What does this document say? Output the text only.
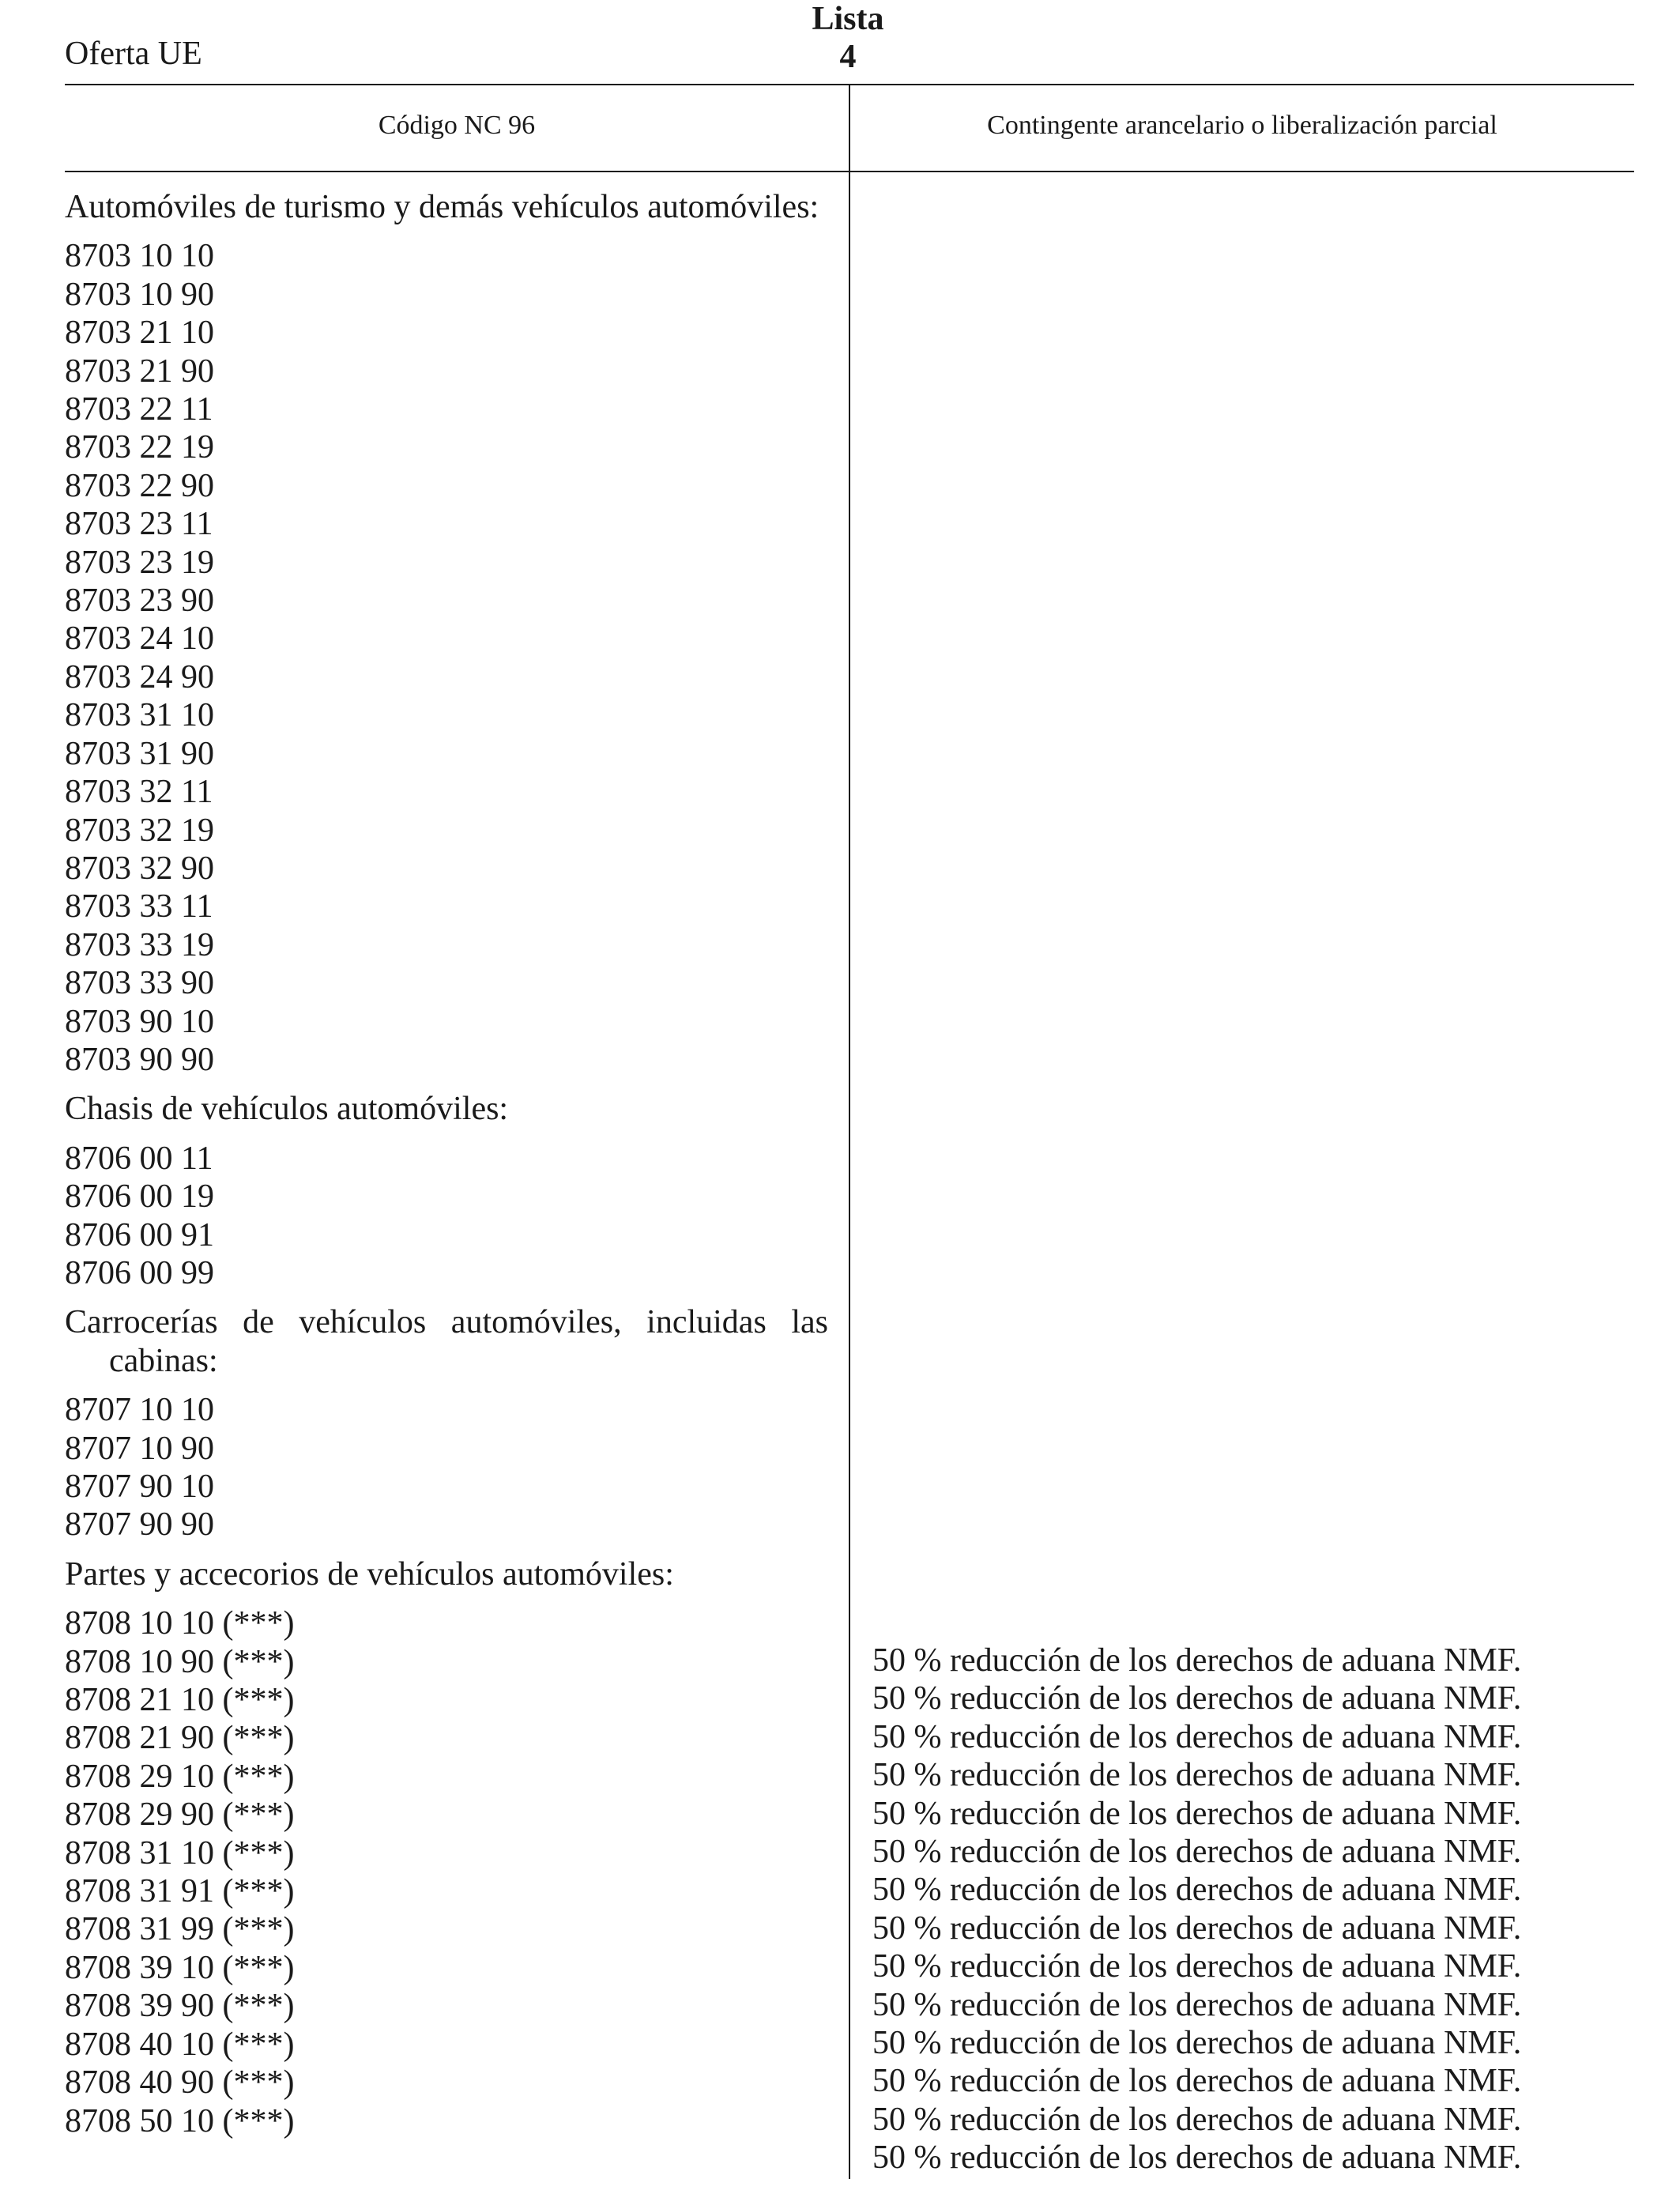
Lista 4
Oferta UE
Código NC 96	Contingente arancelario o liberalización parcial
Automóviles de turismo y demás vehículos automóviles:
8703 10 10
8703 10 90
8703 21 10
8703 21 90
8703 22 11
8703 22 19
8703 22 90
8703 23 11
8703 23 19
8703 23 90
8703 24 10
8703 24 90
8703 31 10
8703 31 90
8703 32 11
8703 32 19
8703 32 90
8703 33 11
8703 33 19
8703 33 90
8703 90 10
8703 90 90
Chasis de vehículos automóviles:
8706 00 11
8706 00 19
8706 00 91
8706 00 99
Carrocerías de vehículos automóviles, incluidas las cabinas:
8707 10 10
8707 10 90
8707 90 10
8707 90 90
Partes y accecorios de vehículos automóviles:
8708 10 10 (***)
8708 10 90 (***)
8708 21 10 (***)
8708 21 90 (***)
8708 29 10 (***)
8708 29 90 (***)
8708 31 10 (***)
8708 31 91 (***)
8708 31 99 (***)
8708 39 10 (***)
8708 39 90 (***)
8708 40 10 (***)
8708 40 90 (***)
8708 50 10 (***)
50 % reducción de los derechos de aduana NMF.
50 % reducción de los derechos de aduana NMF.
50 % reducción de los derechos de aduana NMF.
50 % reducción de los derechos de aduana NMF.
50 % reducción de los derechos de aduana NMF.
50 % reducción de los derechos de aduana NMF.
50 % reducción de los derechos de aduana NMF.
50 % reducción de los derechos de aduana NMF.
50 % reducción de los derechos de aduana NMF.
50 % reducción de los derechos de aduana NMF.
50 % reducción de los derechos de aduana NMF.
50 % reducción de los derechos de aduana NMF.
50 % reducción de los derechos de aduana NMF.
50 % reducción de los derechos de aduana NMF.
